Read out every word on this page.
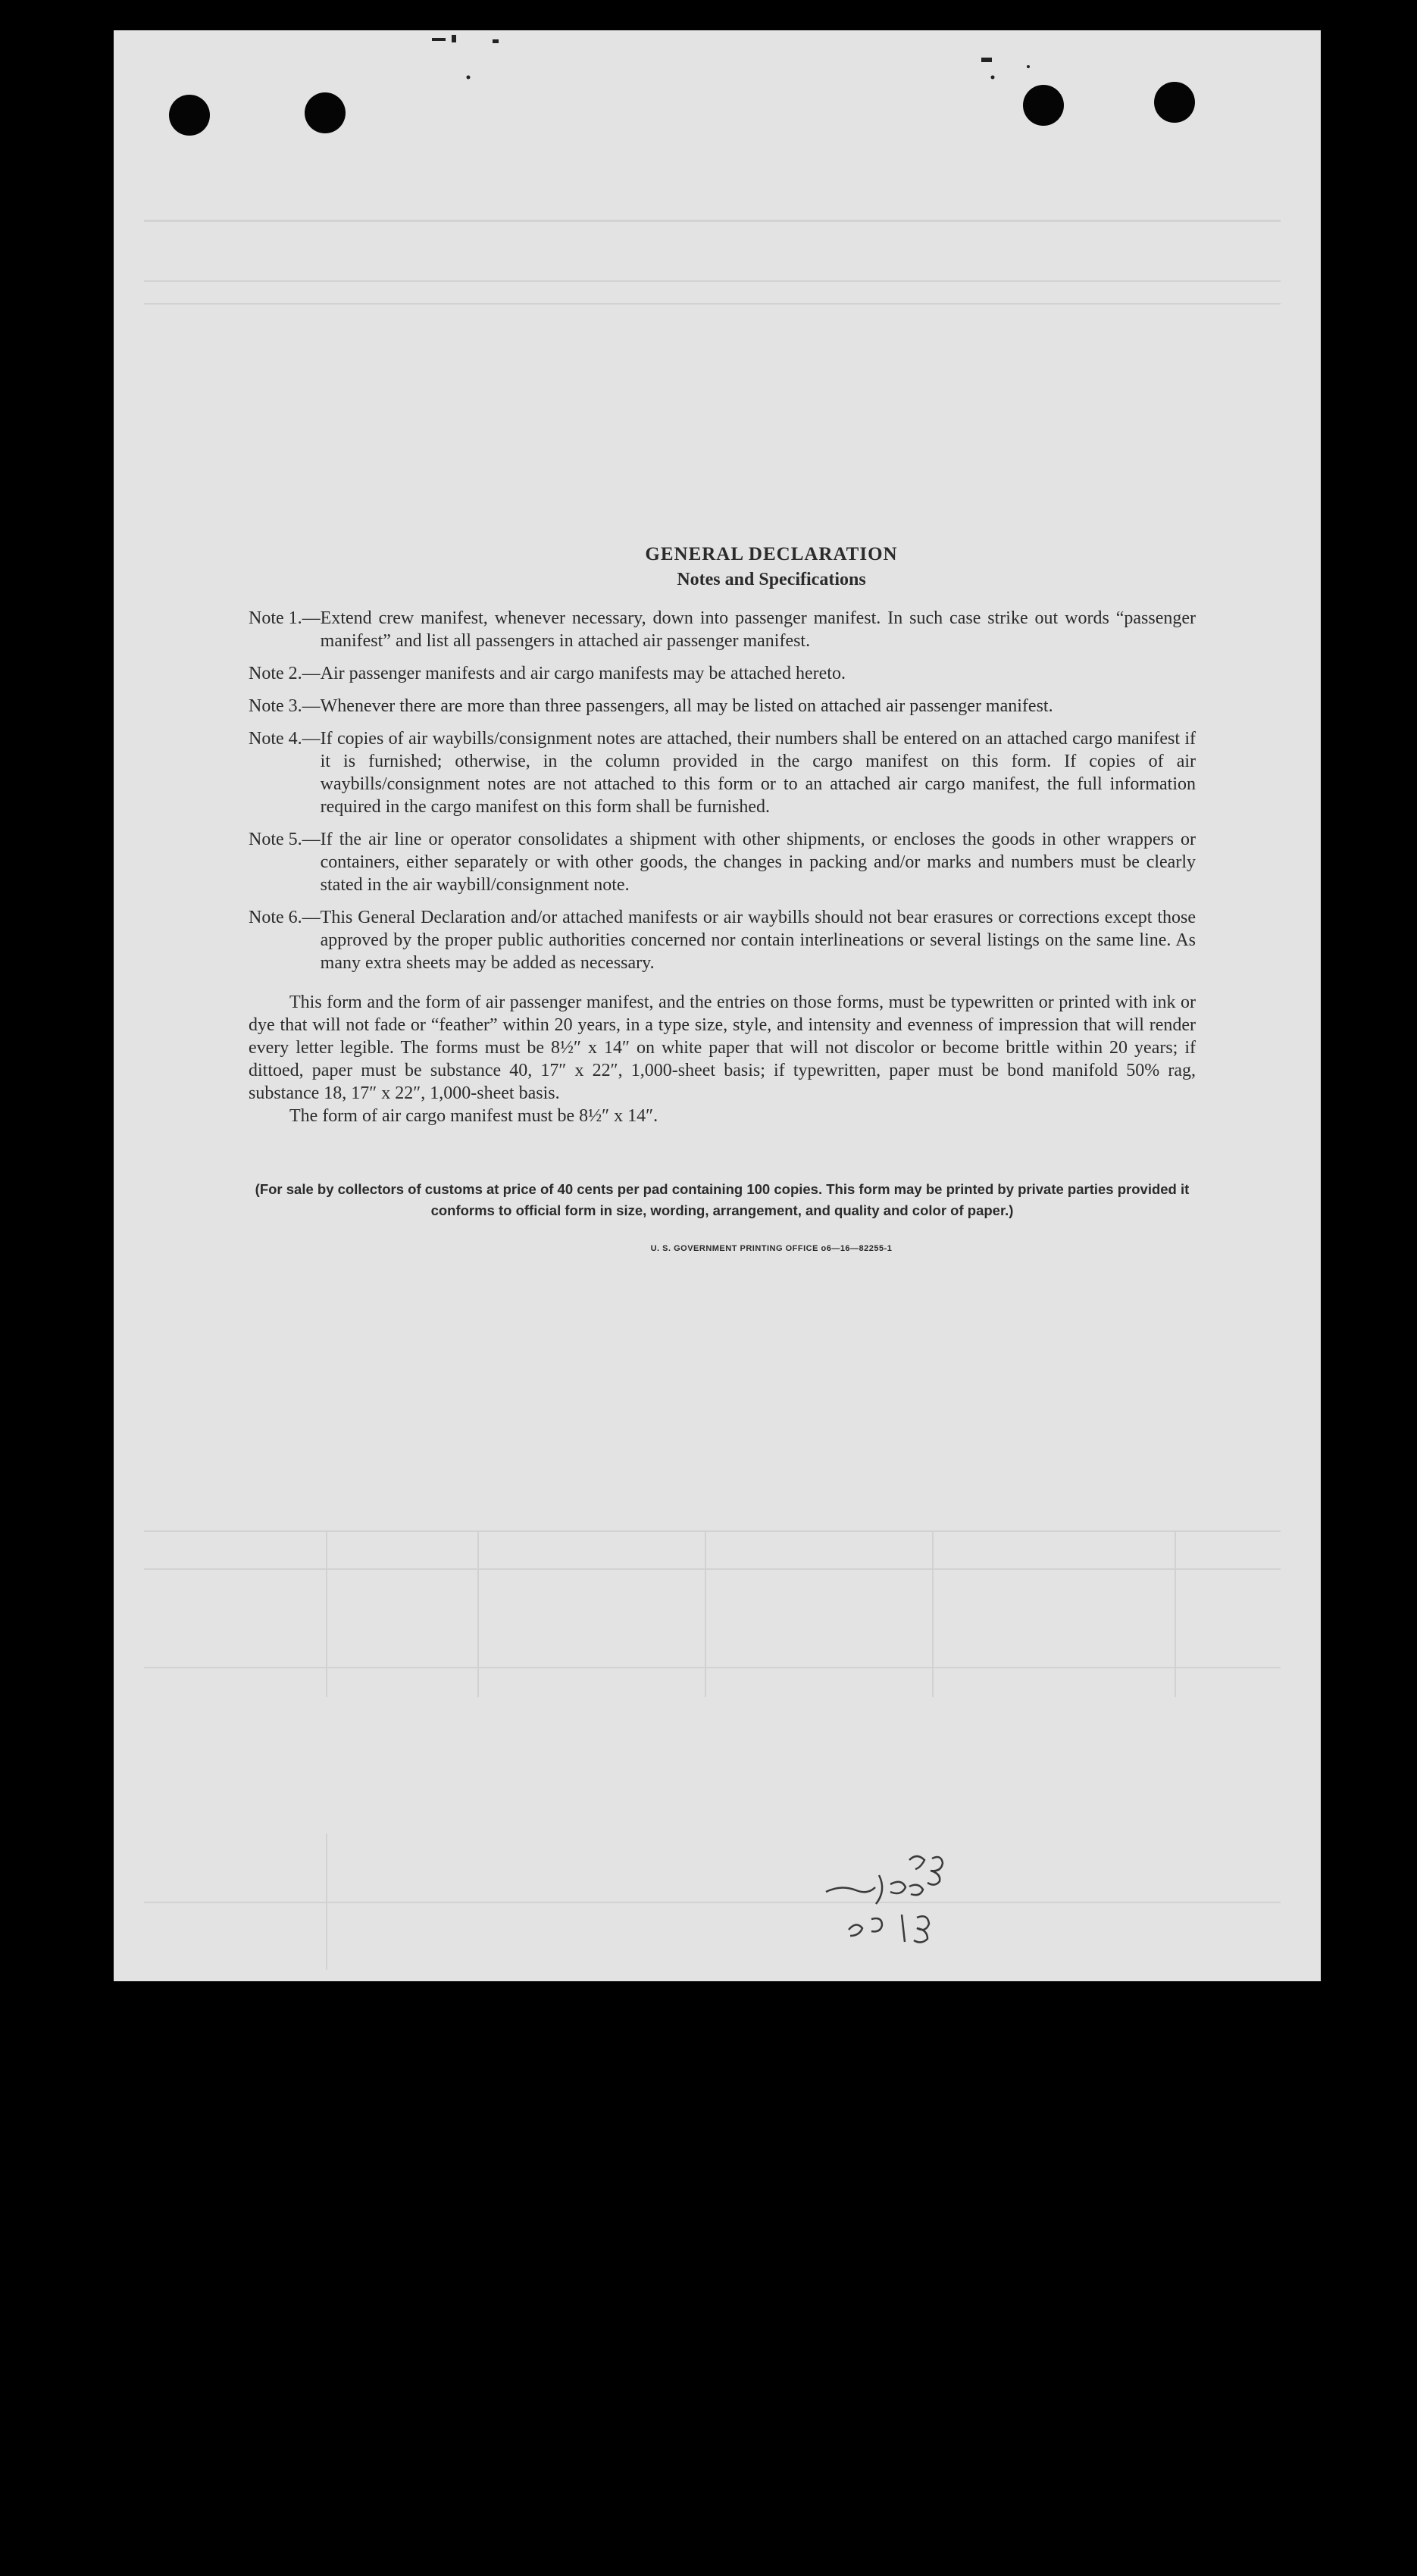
GENERAL DECLARATION
Notes and Specifications
Note 1.— Extend crew manifest, whenever necessary, down into passenger manifest. In such case strike out words “passenger manifest” and list all passengers in attached air passenger manifest.
Note 2.— Air passenger manifests and air cargo manifests may be attached hereto.
Note 3.— Whenever there are more than three passengers, all may be listed on attached air passenger manifest.
Note 4.— If copies of air waybills/consignment notes are attached, their numbers shall be entered on an attached cargo manifest if it is furnished; otherwise, in the column provided in the cargo manifest on this form. If copies of air waybills/consignment notes are not attached to this form or to an attached air cargo manifest, the full information required in the cargo manifest on this form shall be furnished.
Note 5.— If the air line or operator consolidates a shipment with other shipments, or encloses the goods in other wrappers or containers, either separately or with other goods, the changes in packing and/or marks and numbers must be clearly stated in the air waybill/consignment note.
Note 6.— This General Declaration and/or attached manifests or air waybills should not bear erasures or corrections except those approved by the proper public authorities concerned nor contain interlineations or several listings on the same line. As many extra sheets may be added as necessary.

This form and the form of air passenger manifest, and the entries on those forms, must be typewritten or printed with ink or dye that will not fade or “feather” within 20 years, in a type size, style, and intensity and evenness of impression that will render every letter legible. The forms must be 8½″ x 14″ on white paper that will not discolor or become brittle within 20 years; if dittoed, paper must be substance 40, 17″ x 22″, 1,000-sheet basis; if typewritten, paper must be bond manifold 50% rag, substance 18, 17″ x 22″, 1,000-sheet basis.

The form of air cargo manifest must be 8½″ x 14″.

(For sale by collectors of customs at price of 40 cents per pad containing 100 copies. This form may be printed by private parties provided it conforms to official form in size, wording, arrangement, and quality and color of paper.)
U. S. GOVERNMENT PRINTING OFFICE o6—16—82255-1
